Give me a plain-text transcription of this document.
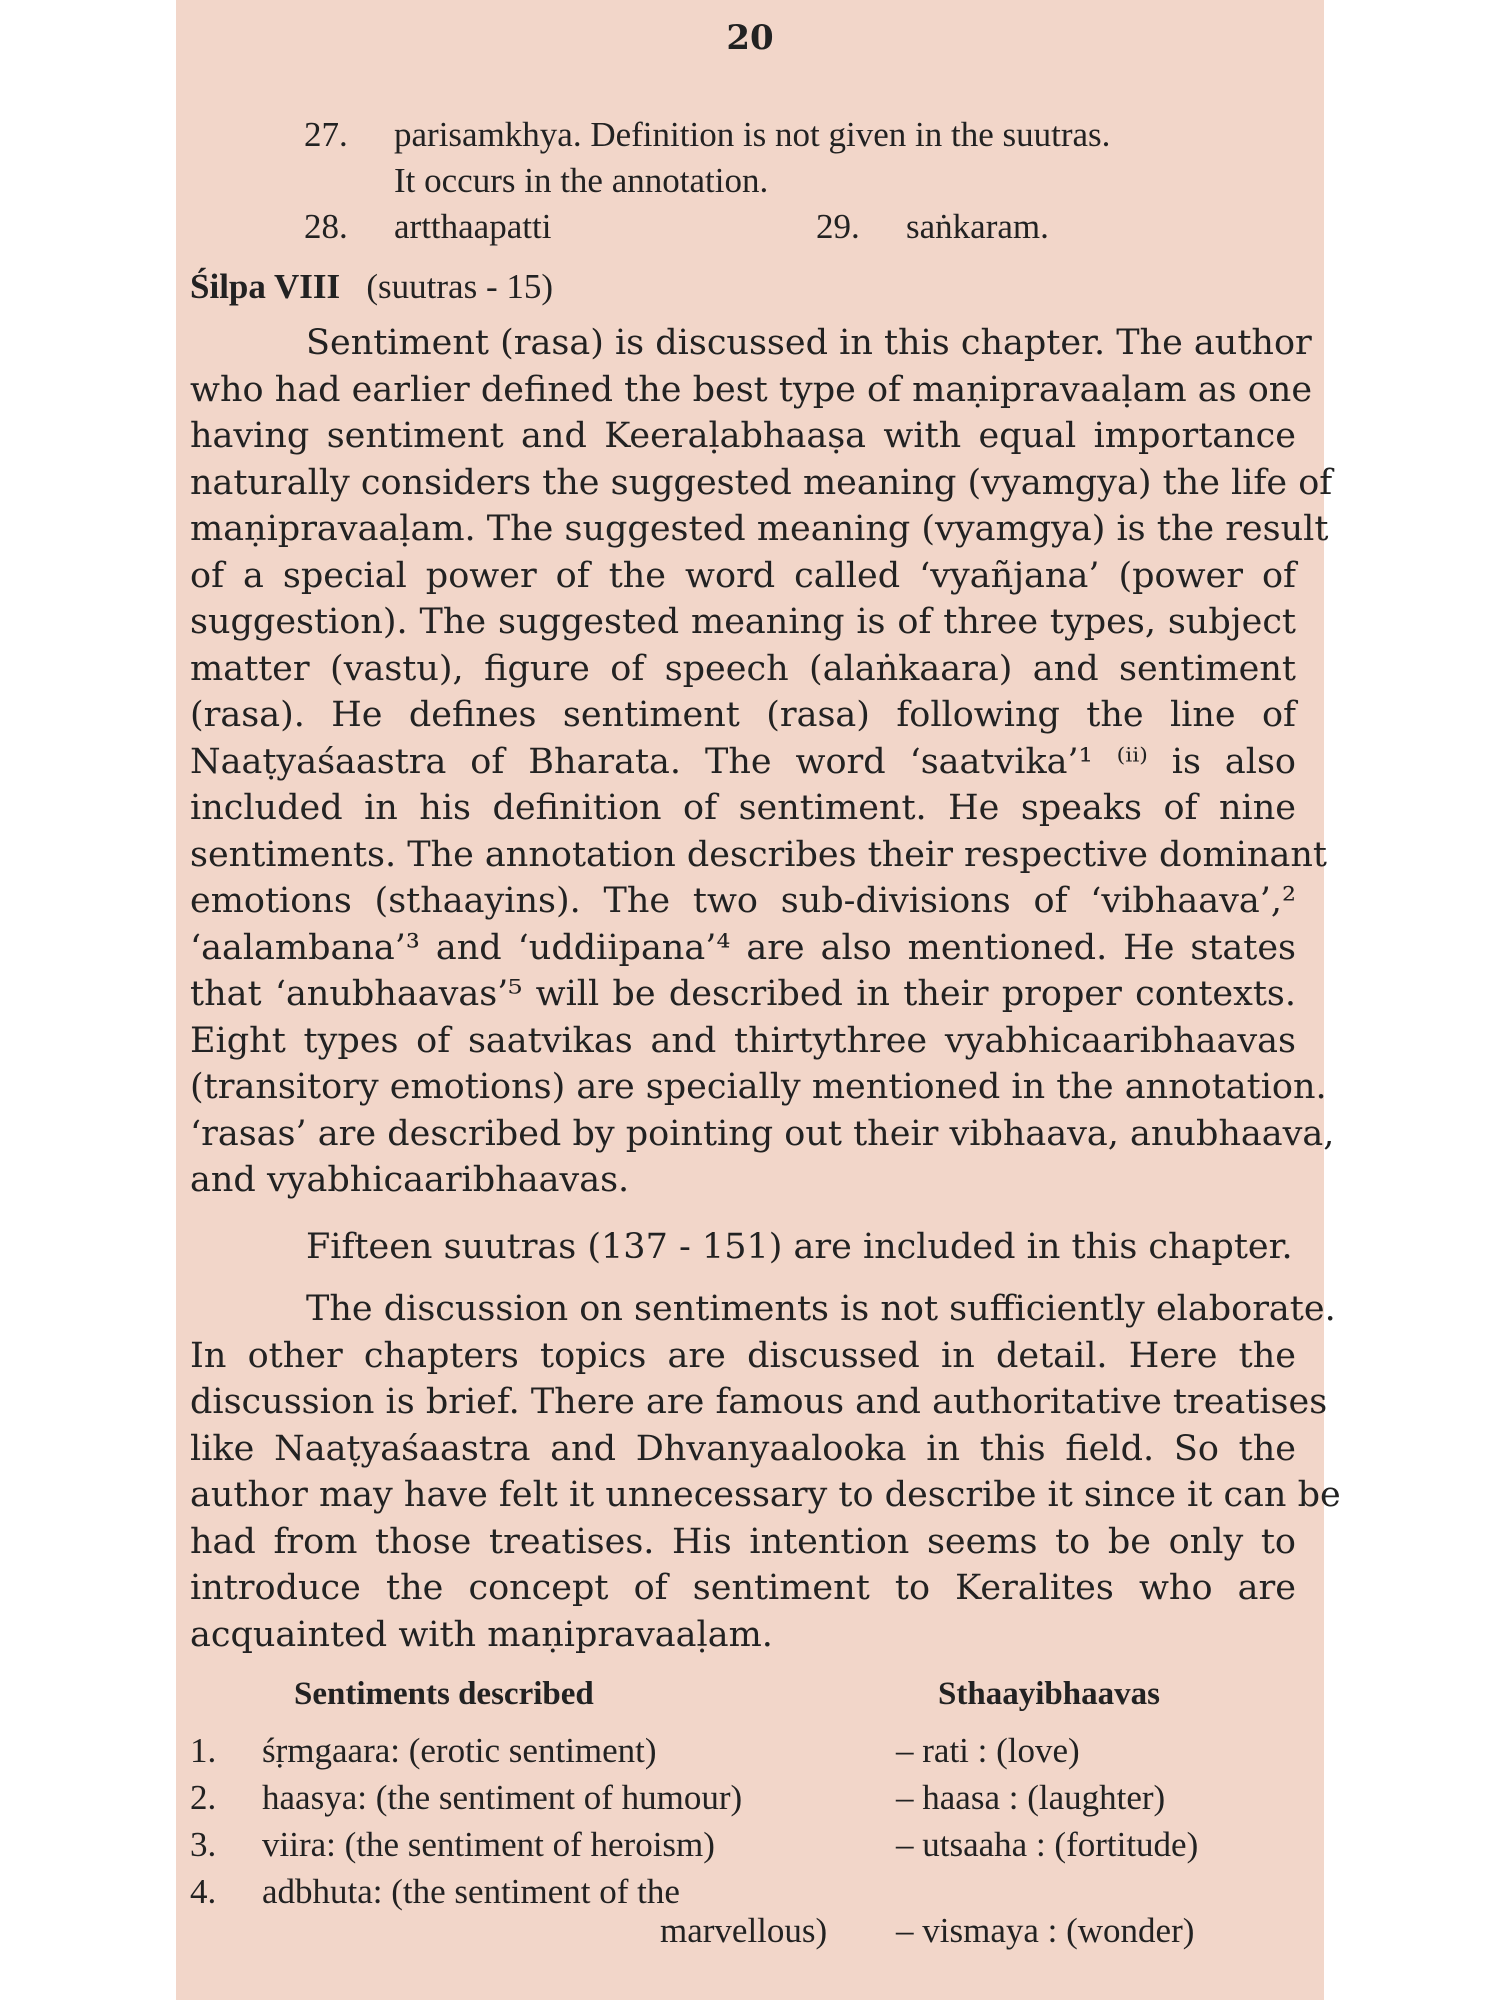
20
27. parisamkhya. Definition is not given in the suutras.
It occurs in the annotation.
28. artthaapatti	29. saṅkaram.
Śilpa VIII (suutras - 15)
Sentiment (rasa) is discussed in this chapter. The author
who had earlier defined the best type of maṇipravaaḷam as one
having sentiment and Keeraḷabhaaṣa with equal importance
naturally considers the suggested meaning (vyamgya) the life of
maṇipravaaḷam. The suggested meaning (vyamgya) is the result
of a special power of the word called ‘vyañjana’ (power of
suggestion). The suggested meaning is of three types, subject
matter (vastu), figure of speech (alaṅkaara) and sentiment
(rasa). He defines sentiment (rasa) following the line of
Naaṭyaśaastra of Bharata. The word ‘saatvika’¹ ⁽ⁱⁱ⁾ is also
included in his definition of sentiment. He speaks of nine
sentiments. The annotation describes their respective dominant
emotions (sthaayins). The two sub-divisions of ‘vibhaava’,²
‘aalambana’³ and ‘uddiipana’⁴ are also mentioned. He states
that ‘anubhaavas’⁵ will be described in their proper contexts.
Eight types of saatvikas and thirtythree vyabhicaaribhaavas
(transitory emotions) are specially mentioned in the annotation.
‘rasas’ are described by pointing out their vibhaava, anubhaava,
and vyabhicaaribhaavas.
Fifteen suutras (137 - 151) are included in this chapter.
The discussion on sentiments is not sufficiently elaborate.
In other chapters topics are discussed in detail. Here the
discussion is brief. There are famous and authoritative treatises
like Naaṭyaśaastra and Dhvanyaalooka in this field. So the
author may have felt it unnecessary to describe it since it can be
had from those treatises. His intention seems to be only to
introduce the concept of sentiment to Keralites who are
acquainted with maṇipravaaḷam.
Sentiments described	Sthaayibhaavas
1. śṛmgaara: (erotic sentiment)	– rati : (love)
2. haasya: (the sentiment of humour)	– haasa : (laughter)
3. viira: (the sentiment of heroism)	– utsaaha : (fortitude)
4. adbhuta: (the sentiment of the
marvellous) – vismaya : (wonder)
